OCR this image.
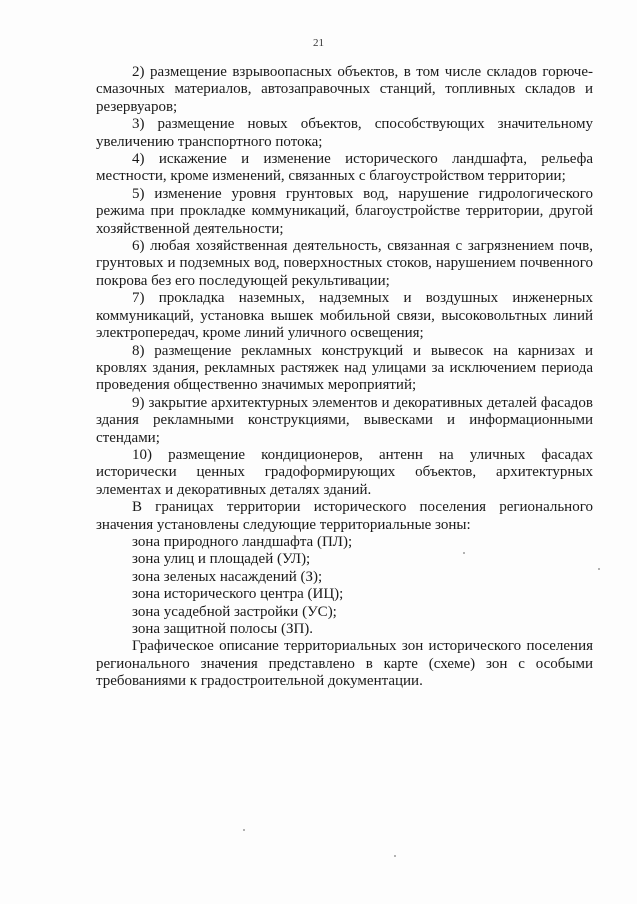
21

2) размещение взрывоопасных объектов, в том числе складов горюче-смазочных материалов, автозаправочных станций, топливных складов и резервуаров;

3) размещение новых объектов, способствующих значительному увеличению транспортного потока;

4) искажение и изменение исторического ландшафта, рельефа местности, кроме изменений, связанных с благоустройством территории;

5) изменение уровня грунтовых вод, нарушение гидрологического режима при прокладке коммуникаций, благоустройстве территории, другой хозяйственной деятельности;

6) любая хозяйственная деятельность, связанная с загрязнением почв, грунтовых и подземных вод, поверхностных стоков, нарушением почвенного покрова без его последующей рекультивации;

7) прокладка наземных, надземных и воздушных инженерных коммуникаций, установка вышек мобильной связи, высоковольтных линий электропередач, кроме линий уличного освещения;

8) размещение рекламных конструкций и вывесок на карнизах и кровлях здания, рекламных растяжек над улицами за исключением периода проведения общественно значимых мероприятий;

9) закрытие архитектурных элементов и декоративных деталей фасадов здания рекламными конструкциями, вывесками и информационными стендами;

10) размещение кондиционеров, антенн на уличных фасадах исторически ценных градоформирующих объектов, архитектурных элементах и декоративных деталях зданий.

В границах территории исторического поселения регионального значения установлены следующие территориальные зоны:

зона природного ландшафта (ПЛ);
зона улиц и площадей (УЛ);
зона зеленых насаждений (З);
зона исторического центра (ИЦ);
зона усадебной застройки (УС);
зона защитной полосы (ЗП).

Графическое описание территориальных зон исторического поселения регионального значения представлено в карте (схеме) зон с особыми требованиями к градостроительной документации.
